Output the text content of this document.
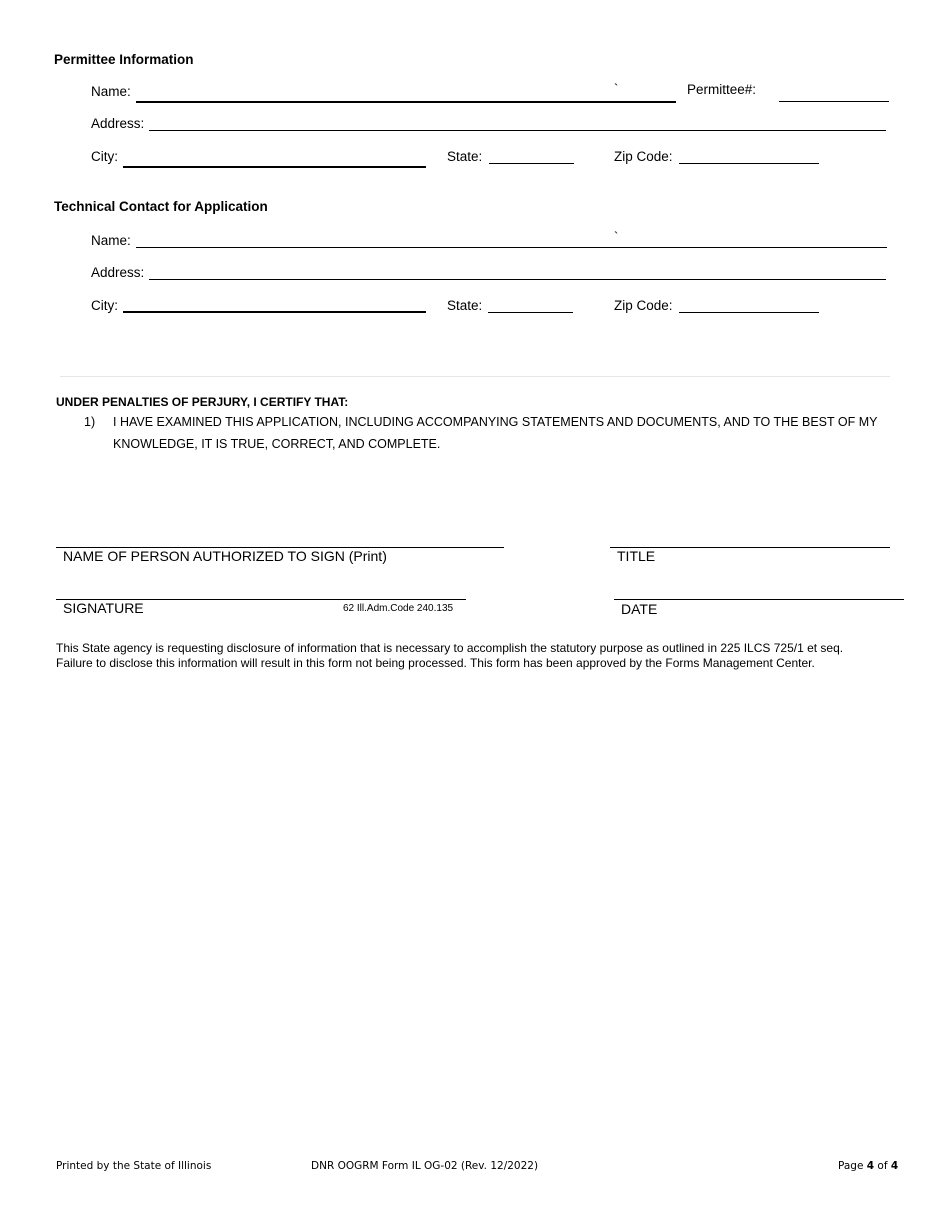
Permittee Information
Name:	`	Permittee#:
Address:
City:	State:	Zip Code:
Technical Contact for Application
Name:	`
Address:
City:	State:	Zip Code:
UNDER PENALTIES OF PERJURY, I CERTIFY THAT:
1) I HAVE EXAMINED THIS APPLICATION, INCLUDING ACCOMPANYING STATEMENTS AND DOCUMENTS, AND TO THE BEST OF MY
KNOWLEDGE, IT IS TRUE, CORRECT, AND COMPLETE.
NAME OF PERSON AUTHORIZED TO SIGN (Print)	TITLE
SIGNATURE	62 Ill.Adm.Code 240.135	DATE
This State agency is requesting disclosure of information that is necessary to accomplish the statutory purpose as outlined in 225 ILCS 725/1 et seq.
Failure to disclose this information will result in this form not being processed. This form has been approved by the Forms Management Center.
Printed by the State of Illinois	DNR OOGRM Form IL OG-02 (Rev. 12/2022)	Page 4 of 4
